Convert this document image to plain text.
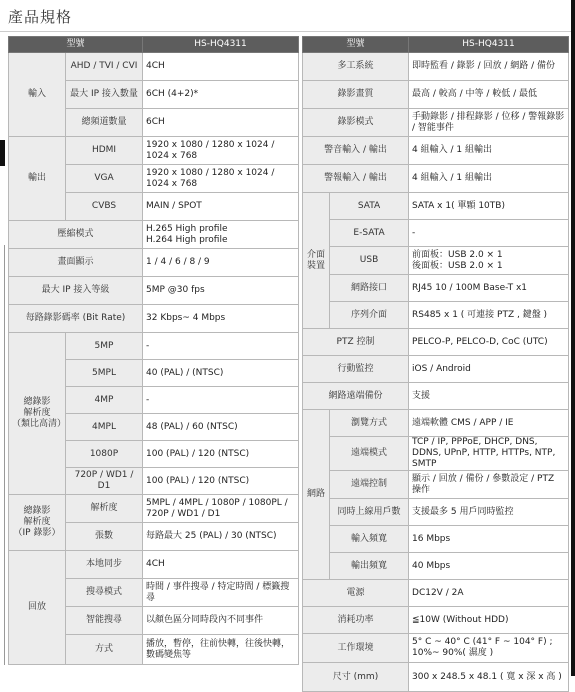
產品規格
型號		HS-HQ4311
輸入	AHD / TVI / CVI	4CH
	最大 IP 接入數量	6CH (4+2)*
	總頻道數量	6CH
輸出	HDMI	1920 x 1080 / 1280 x 1024 / 1024 x 768
	VGA	1920 x 1080 / 1280 x 1024 / 1024 x 768
	CVBS	MAIN / SPOT
壓縮模式		H.265 High profile
H.264 High profile

畫面顯示		1 / 4 / 6 / 8 / 9
最大 IP 接入等級		5MP @30 fps
每路錄影碼率 (Bit Rate)		32 Kbps~ 4 Mbps
總錄影
解析度
（類比高清）	5MP	-
	5MPL	40 (PAL) / (NTSC)
	4MP	-
	4MPL	48 (PAL) / 60 (NTSC)
	1080P	100 (PAL) / 120 (NTSC)
	720P / WD1 / D1	100 (PAL) / 120 (NTSC)
總錄影
解析度
（IP 錄影）	解析度	5MPL / 4MPL / 1080P / 1080PL / 720P / WD1 / D1
	張數	每路最大 25 (PAL) / 30 (NTSC)
回放	本地同步	4CH
	搜尋模式	時間 / 事件搜尋 / 特定時間 / 標籤搜尋
	智能搜尋	以顏色區分同時段內不同事件
	方式	播放，暫停，往前快轉，往後快轉，數碼變焦等
型號		HS-HQ4311
多工系統		即時監看 / 錄影 / 回放 / 網路 / 備份
錄影畫質		最高 / 較高 / 中等 / 較低 / 最低
錄影模式		手動錄影 / 排程錄影 / 位移 / 警報錄影 / 智能事件
警音輸入 / 輸出		4 組輸入 / 1 組輸出
警報輸入 / 輸出		4 組輸入 / 1 組輸出
介面
裝置	SATA	SATA x 1( 單顆 10TB)
	E-SATA	-
	USB	前面板：USB 2.0 × 1
後面板：USB 2.0 × 1
	網路接口	RJ45 10 / 100M Base-T x1
	序列介面	RS485 x 1 ( 可連接 PTZ , 鍵盤 )
PTZ 控制		PELCO-P, PELCO-D, CoC (UTC)
行動監控		iOS / Android
網路遠端備份		支援
網路	瀏覽方式	遠端軟體 CMS / APP / IE
	遠端模式	TCP / IP, PPPoE, DHCP, DNS, DDNS, UPnP, HTTP, HTTPs, NTP, SMTP
	遠端控制	顯示 / 回放 / 備份 / 參數設定 / PTZ 操作
	同時上線用戶數	支援最多 5 用戶同時監控
	輸入頻寬	16 Mbps
	輸出頻寬	40 Mbps
電源		DC12V / 2A
消耗功率		≦10W (Without HDD)
工作環境		5° C ~ 40° C (41° F ~ 104° F) ; 10%~ 90%( 濕度 )
尺寸 (mm)		300 x 248.5 x 48.1 ( 寬 x 深 x 高 )
